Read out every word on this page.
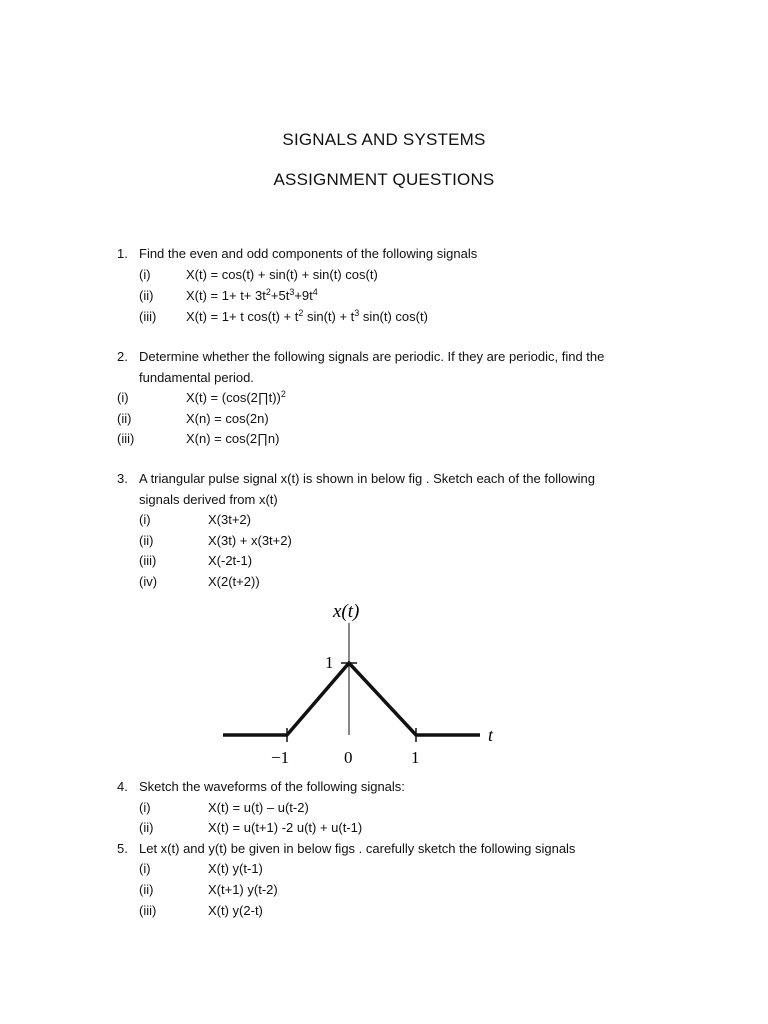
SIGNALS AND SYSTEMS
ASSIGNMENT QUESTIONS
1. Find the even and odd components of the following signals
(i)	X(t) = cos(t) + sin(t) + sin(t) cos(t)
(ii)	$X(t) = 1+ t+ 3t^2+5t^3+9t^4$
(iii) X(t) = 1+ t $\cos(t) + t^2$ $\sin(t) + t^3$ sin(t) cos(t)
2. Determine whether the following signals are periodic. If they are periodic, find the
fundamental period.
(i)	X(t) = (cos(2∏t))$^2$
(ii)	X(n) = cos(2n)
(iii)	X(n) = cos(2∏n)
3. A triangular pulse signal x(t) is shown in below fig . Sketch each of the following
signals derived from x(t)
(i)	X(3t+2)
(ii)	X(3t) + x(3t+2)
(iii)	X(-2t-1)
(iv)	X(2(t+2))
x(t)
1
t
−1	0	1
4. Sketch the waveforms of the following signals:
(i)	X(t) = u(t) – u(t-2)
(ii)	X(t) = u(t+1) -2 u(t) + u(t-1)
5. Let x(t) and y(t) be given in below figs . carefully sketch the following signals
(i)	X(t) y(t-1)
(ii)	X(t+1) y(t-2)
(iii)	X(t) y(2-t)
